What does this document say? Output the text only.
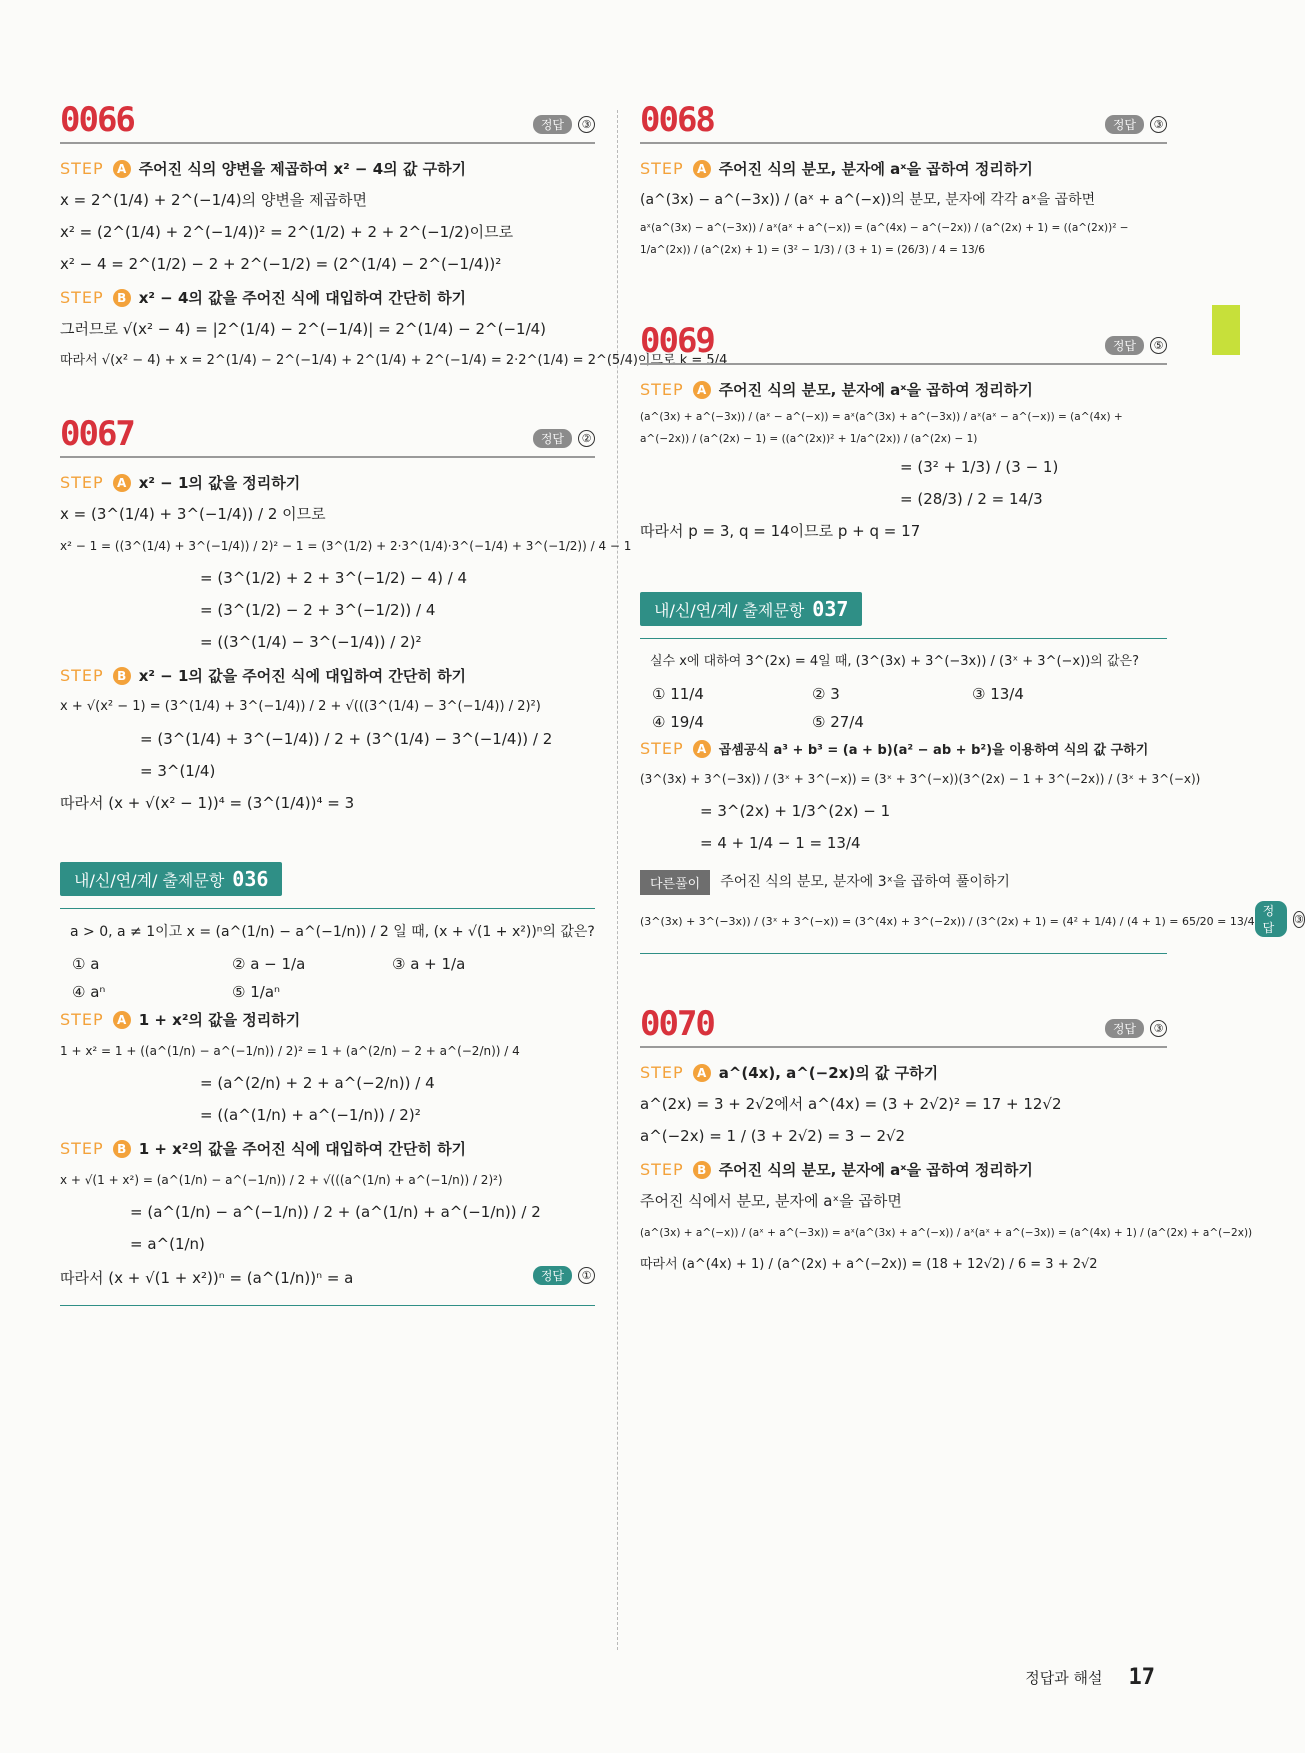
0066	정답	③
STEP	A 주어진 식의 양변을 제곱하여 x² − 4의 값 구하기
x = 2^(1/4) + 2^(−1/4)의 양변을 제곱하면
x² = (2^(1/4) + 2^(−1/4))² = 2^(1/2) + 2 + 2^(−1/2)이므로
x² − 4 = 2^(1/2) − 2 + 2^(−1/2) = (2^(1/4) − 2^(−1/4))²
STEP	B x² − 4의 값을 주어진 식에 대입하여 간단히 하기
그러므로 √(x² − 4) = |2^(1/4) − 2^(−1/4)| = 2^(1/4) − 2^(−1/4)
따라서 √(x² − 4) + x = 2^(1/4) − 2^(−1/4) + 2^(1/4) + 2^(−1/4) = 2·2^(1/4) = 2^(5/4)이므로 k = 5/4
0067	정답	②
STEP	A x² − 1의 값을 정리하기
x = (3^(1/4) + 3^(−1/4)) / 2 이므로
x² − 1 = ((3^(1/4) + 3^(−1/4)) / 2)² − 1 = (3^(1/2) + 2·3^(1/4)·3^(−1/4) + 3^(−1/2)) / 4 − 1
= (3^(1/2) + 2 + 3^(−1/2) − 4) / 4
= (3^(1/2) − 2 + 3^(−1/2)) / 4
= ((3^(1/4) − 3^(−1/4)) / 2)²
STEP	B x² − 1의 값을 주어진 식에 대입하여 간단히 하기
x + √(x² − 1) = (3^(1/4) + 3^(−1/4)) / 2 + √(((3^(1/4) − 3^(−1/4)) / 2)²)
= (3^(1/4) + 3^(−1/4)) / 2 + (3^(1/4) − 3^(−1/4)) / 2
= 3^(1/4)
따라서 (x + √(x² − 1))⁴ = (3^(1/4))⁴ = 3
내/신/연/계/ 출제문항 036
a > 0, a ≠ 1이고 x = (a^(1/n) − a^(−1/n)) / 2 일 때, (x + √(1 + x²))ⁿ의 값은?
① a	② a − 1/a	③ a + 1/a
④ aⁿ	⑤ 1/aⁿ
STEP	A 1 + x²의 값을 정리하기
1 + x² = 1 + ((a^(1/n) − a^(−1/n)) / 2)² = 1 + (a^(2/n) − 2 + a^(−2/n)) / 4
= (a^(2/n) + 2 + a^(−2/n)) / 4
= ((a^(1/n) + a^(−1/n)) / 2)²
STEP	B 1 + x²의 값을 주어진 식에 대입하여 간단히 하기
x + √(1 + x²) = (a^(1/n) − a^(−1/n)) / 2 + √(((a^(1/n) + a^(−1/n)) / 2)²)
= (a^(1/n) − a^(−1/n)) / 2 + (a^(1/n) + a^(−1/n)) / 2
= a^(1/n)
따라서 (x + √(1 + x²))ⁿ = (a^(1/n))ⁿ = a	정답	①
0068	정답	③
STEP	A 주어진 식의 분모, 분자에 aˣ을 곱하여 정리하기
(a^(3x) − a^(−3x)) / (aˣ + a^(−x))의 분모, 분자에 각각 aˣ을 곱하면
aˣ(a^(3x) − a^(−3x)) / aˣ(aˣ + a^(−x)) = (a^(4x) − a^(−2x)) / (a^(2x) + 1) = ((a^(2x))² − 1/a^(2x)) / (a^(2x) + 1) = (3² − 1/3) / (3 + 1) = (26/3) / 4 = 13/6
0069	정답	⑤
STEP	A 주어진 식의 분모, 분자에 aˣ을 곱하여 정리하기
(a^(3x) + a^(−3x)) / (aˣ − a^(−x)) = aˣ(a^(3x) + a^(−3x)) / aˣ(aˣ − a^(−x)) = (a^(4x) + a^(−2x)) / (a^(2x) − 1) = ((a^(2x))² + 1/a^(2x)) / (a^(2x) − 1)
= (3² + 1/3) / (3 − 1)
= (28/3) / 2 = 14/3
따라서 p = 3, q = 14이므로 p + q = 17
내/신/연/계/ 출제문항 037
실수 x에 대하여 3^(2x) = 4일 때, (3^(3x) + 3^(−3x)) / (3ˣ + 3^(−x))의 값은?
① 11/4	② 3	③ 13/4
④ 19/4	⑤ 27/4
STEP	A 곱셈공식 a³ + b³ = (a + b)(a² − ab + b²)을 이용하여 식의 값 구하기
(3^(3x) + 3^(−3x)) / (3ˣ + 3^(−x)) = (3ˣ + 3^(−x))(3^(2x) − 1 + 3^(−2x)) / (3ˣ + 3^(−x))
= 3^(2x) + 1/3^(2x) − 1
= 4 + 1/4 − 1 = 13/4
다른풀이	주어진 식의 분모, 분자에 3ˣ을 곱하여 풀이하기
(3^(3x) + 3^(−3x)) / (3ˣ + 3^(−x)) = (3^(4x) + 3^(−2x)) / (3^(2x) + 1) = (4² + 1/4) / (4 + 1) = 65/20 = 13/4
정답
③
0070	정답	③
STEP	A a^(4x), a^(−2x)의 값 구하기
a^(2x) = 3 + 2√2에서 a^(4x) = (3 + 2√2)² = 17 + 12√2
a^(−2x) = 1 / (3 + 2√2) = 3 − 2√2
STEP	B 주어진 식의 분모, 분자에 aˣ을 곱하여 정리하기
주어진 식에서 분모, 분자에 aˣ을 곱하면
(a^(3x) + a^(−x)) / (aˣ + a^(−3x)) = aˣ(a^(3x) + a^(−x)) / aˣ(aˣ + a^(−3x)) = (a^(4x) + 1) / (a^(2x) + a^(−2x))
따라서 (a^(4x) + 1) / (a^(2x) + a^(−2x)) = (18 + 12√2) / 6 = 3 + 2√2
정답과 해설 17
